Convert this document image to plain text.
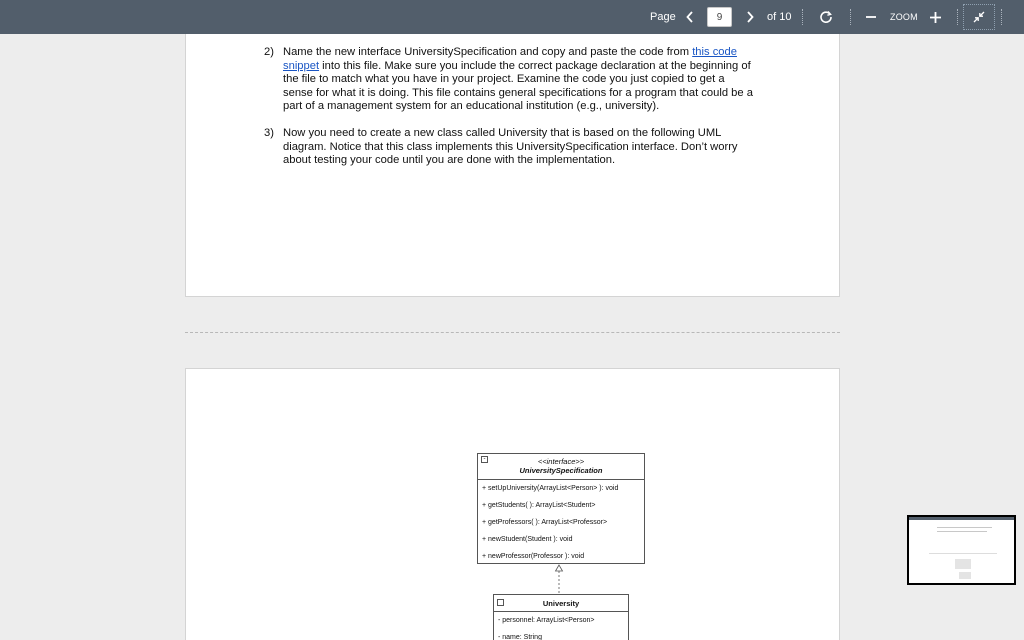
Page
9	of 10	ZOOM
2) Name the new interface UniversitySpecification and copy and paste the code from this code snippet into this file. Make sure you include the correct package declaration at the beginning of the file to match what you have in your project. Examine the code you just copied to get a sense for what it is doing. This file contains general specifications for a program that could be a part of a management system for an educational institution (e.g., university).
3) Now you need to create a new class called University that is based on the following UML diagram. Notice that this class implements this UniversitySpecification interface. Don’t worry about testing your code until you are done with the implementation.
-	<<interface>>
UniversitySpecification
+ setUpUniversity(ArrayList<Person> ): void
+ getStudents( ): ArrayList<Student>
+ getProfessors( ): ArrayList<Professor>
+ newStudent(Student ): void
+ newProfessor(Professor ): void
University
- personnel: ArrayList<Person>
- name: String
